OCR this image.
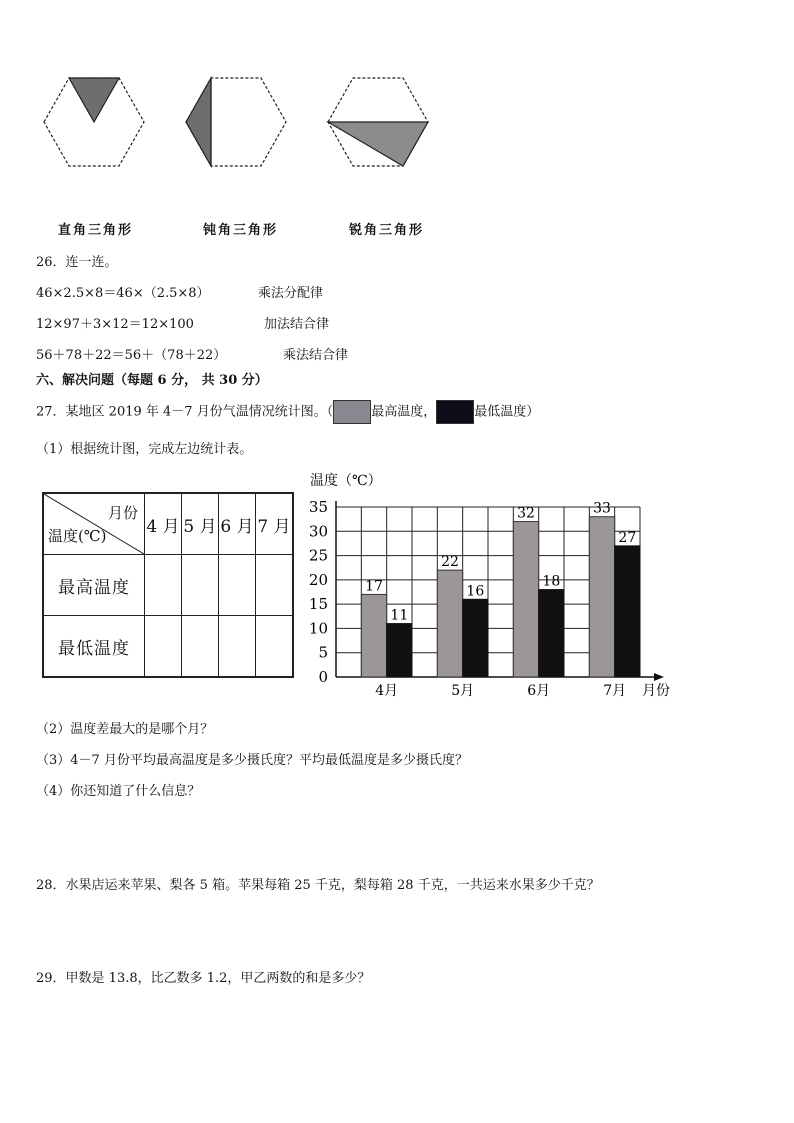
直角三角形	钝角三角形	锐角三角形
26．连一连。
46×2.5×8＝46×（2.5×8）	乘法分配律
12×97＋3×12＝12×100	加法结合律
56＋78＋22＝56＋（78＋22）	乘法结合律
六、解决问题（每题 6 分， 共 30 分）
27．某地区 2019 年 4－7 月份气温情况统计图。（	最高温度，	最低温度）
（1）根据统计图，完成左边统计表。
月份
温度(℃)	4 月	5 月	6 月	7 月
最高温度				
最低温度				
0
5
10
15
20
25
30
35
温度（℃）
17
11
4月
22
16
5月
32
18
6月
33
27
7月 月份
（2）温度差最大的是哪个月？
（3）4－7 月份平均最高温度是多少摄氏度？平均最低温度是多少摄氏度？
（4）你还知道了什么信息？
28．水果店运来苹果、梨各 5 箱。苹果每箱 25 千克，梨每箱 28 千克，一共运来水果多少千克？
29．甲数是 13.8，比乙数多 1.2，甲乙两数的和是多少？
